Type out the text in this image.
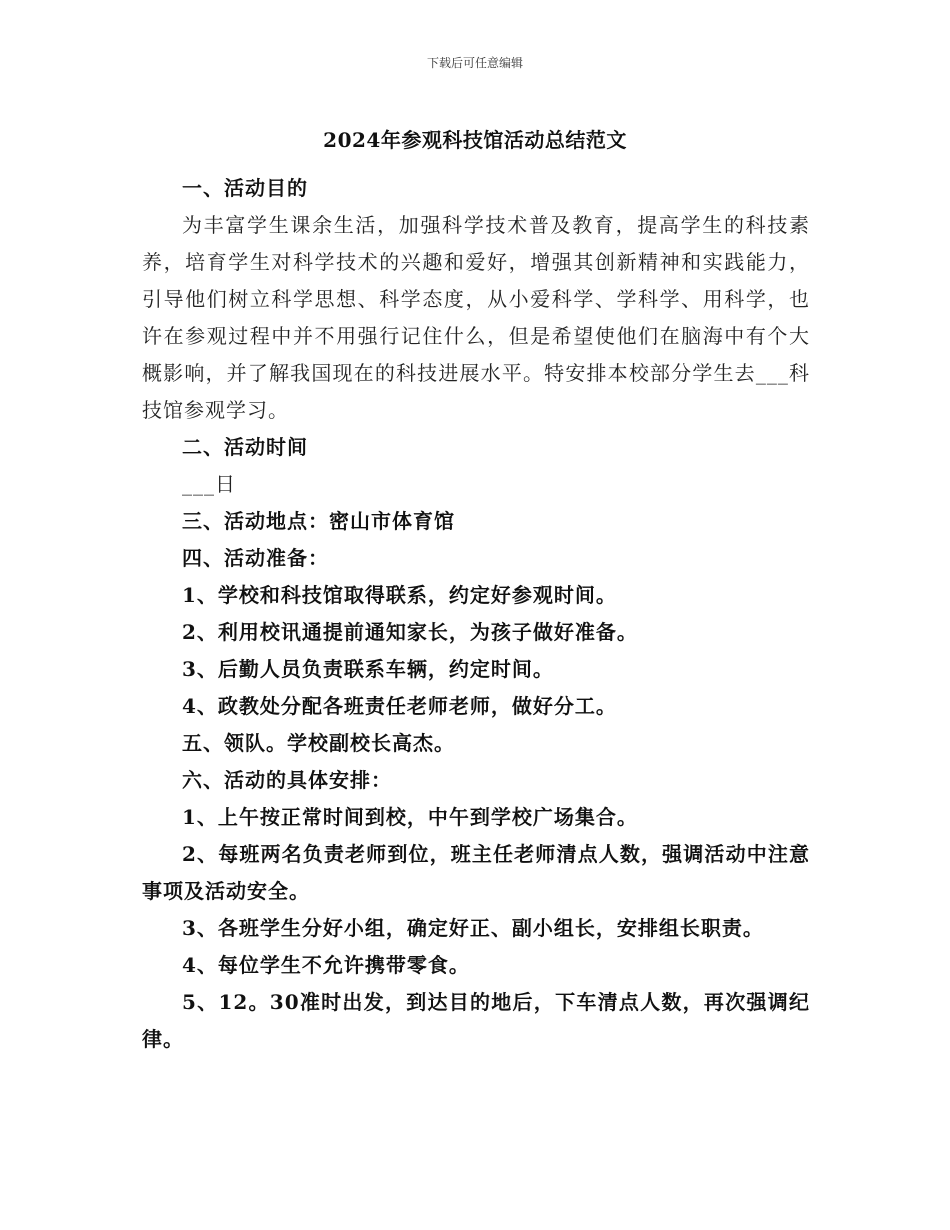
下载后可任意编辑
2024年参观科技馆活动总结范文

一、活动目的

为丰富学生课余生活，加强科学技术普及教育，提高学生的科技素养，培育学生对科学技术的兴趣和爱好，增强其创新精神和实践能力，引导他们树立科学思想、科学态度，从小爱科学、学科学、用科学，也许在参观过程中并不用强行记住什么，但是希望使他们在脑海中有个大概影响，并了解我国现在的科技进展水平。特安排本校部分学生去___科技馆参观学习。

二、活动时间

___日

三、活动地点：密山市体育馆

四、活动准备：

1、学校和科技馆取得联系，约定好参观时间。

2、利用校讯通提前通知家长，为孩子做好准备。

3、后勤人员负责联系车辆，约定时间。

4、政教处分配各班责任老师老师，做好分工。

五、领队。学校副校长高杰。

六、活动的具体安排：

1、上午按正常时间到校，中午到学校广场集合。

2、每班两名负责老师到位，班主任老师清点人数，强调活动中注意事项及活动安全。

3、各班学生分好小组，确定好正、副小组长，安排组长职责。

4、每位学生不允许携带零食。

5、12。30准时出发，到达目的地后，下车清点人数，再次强调纪律。
